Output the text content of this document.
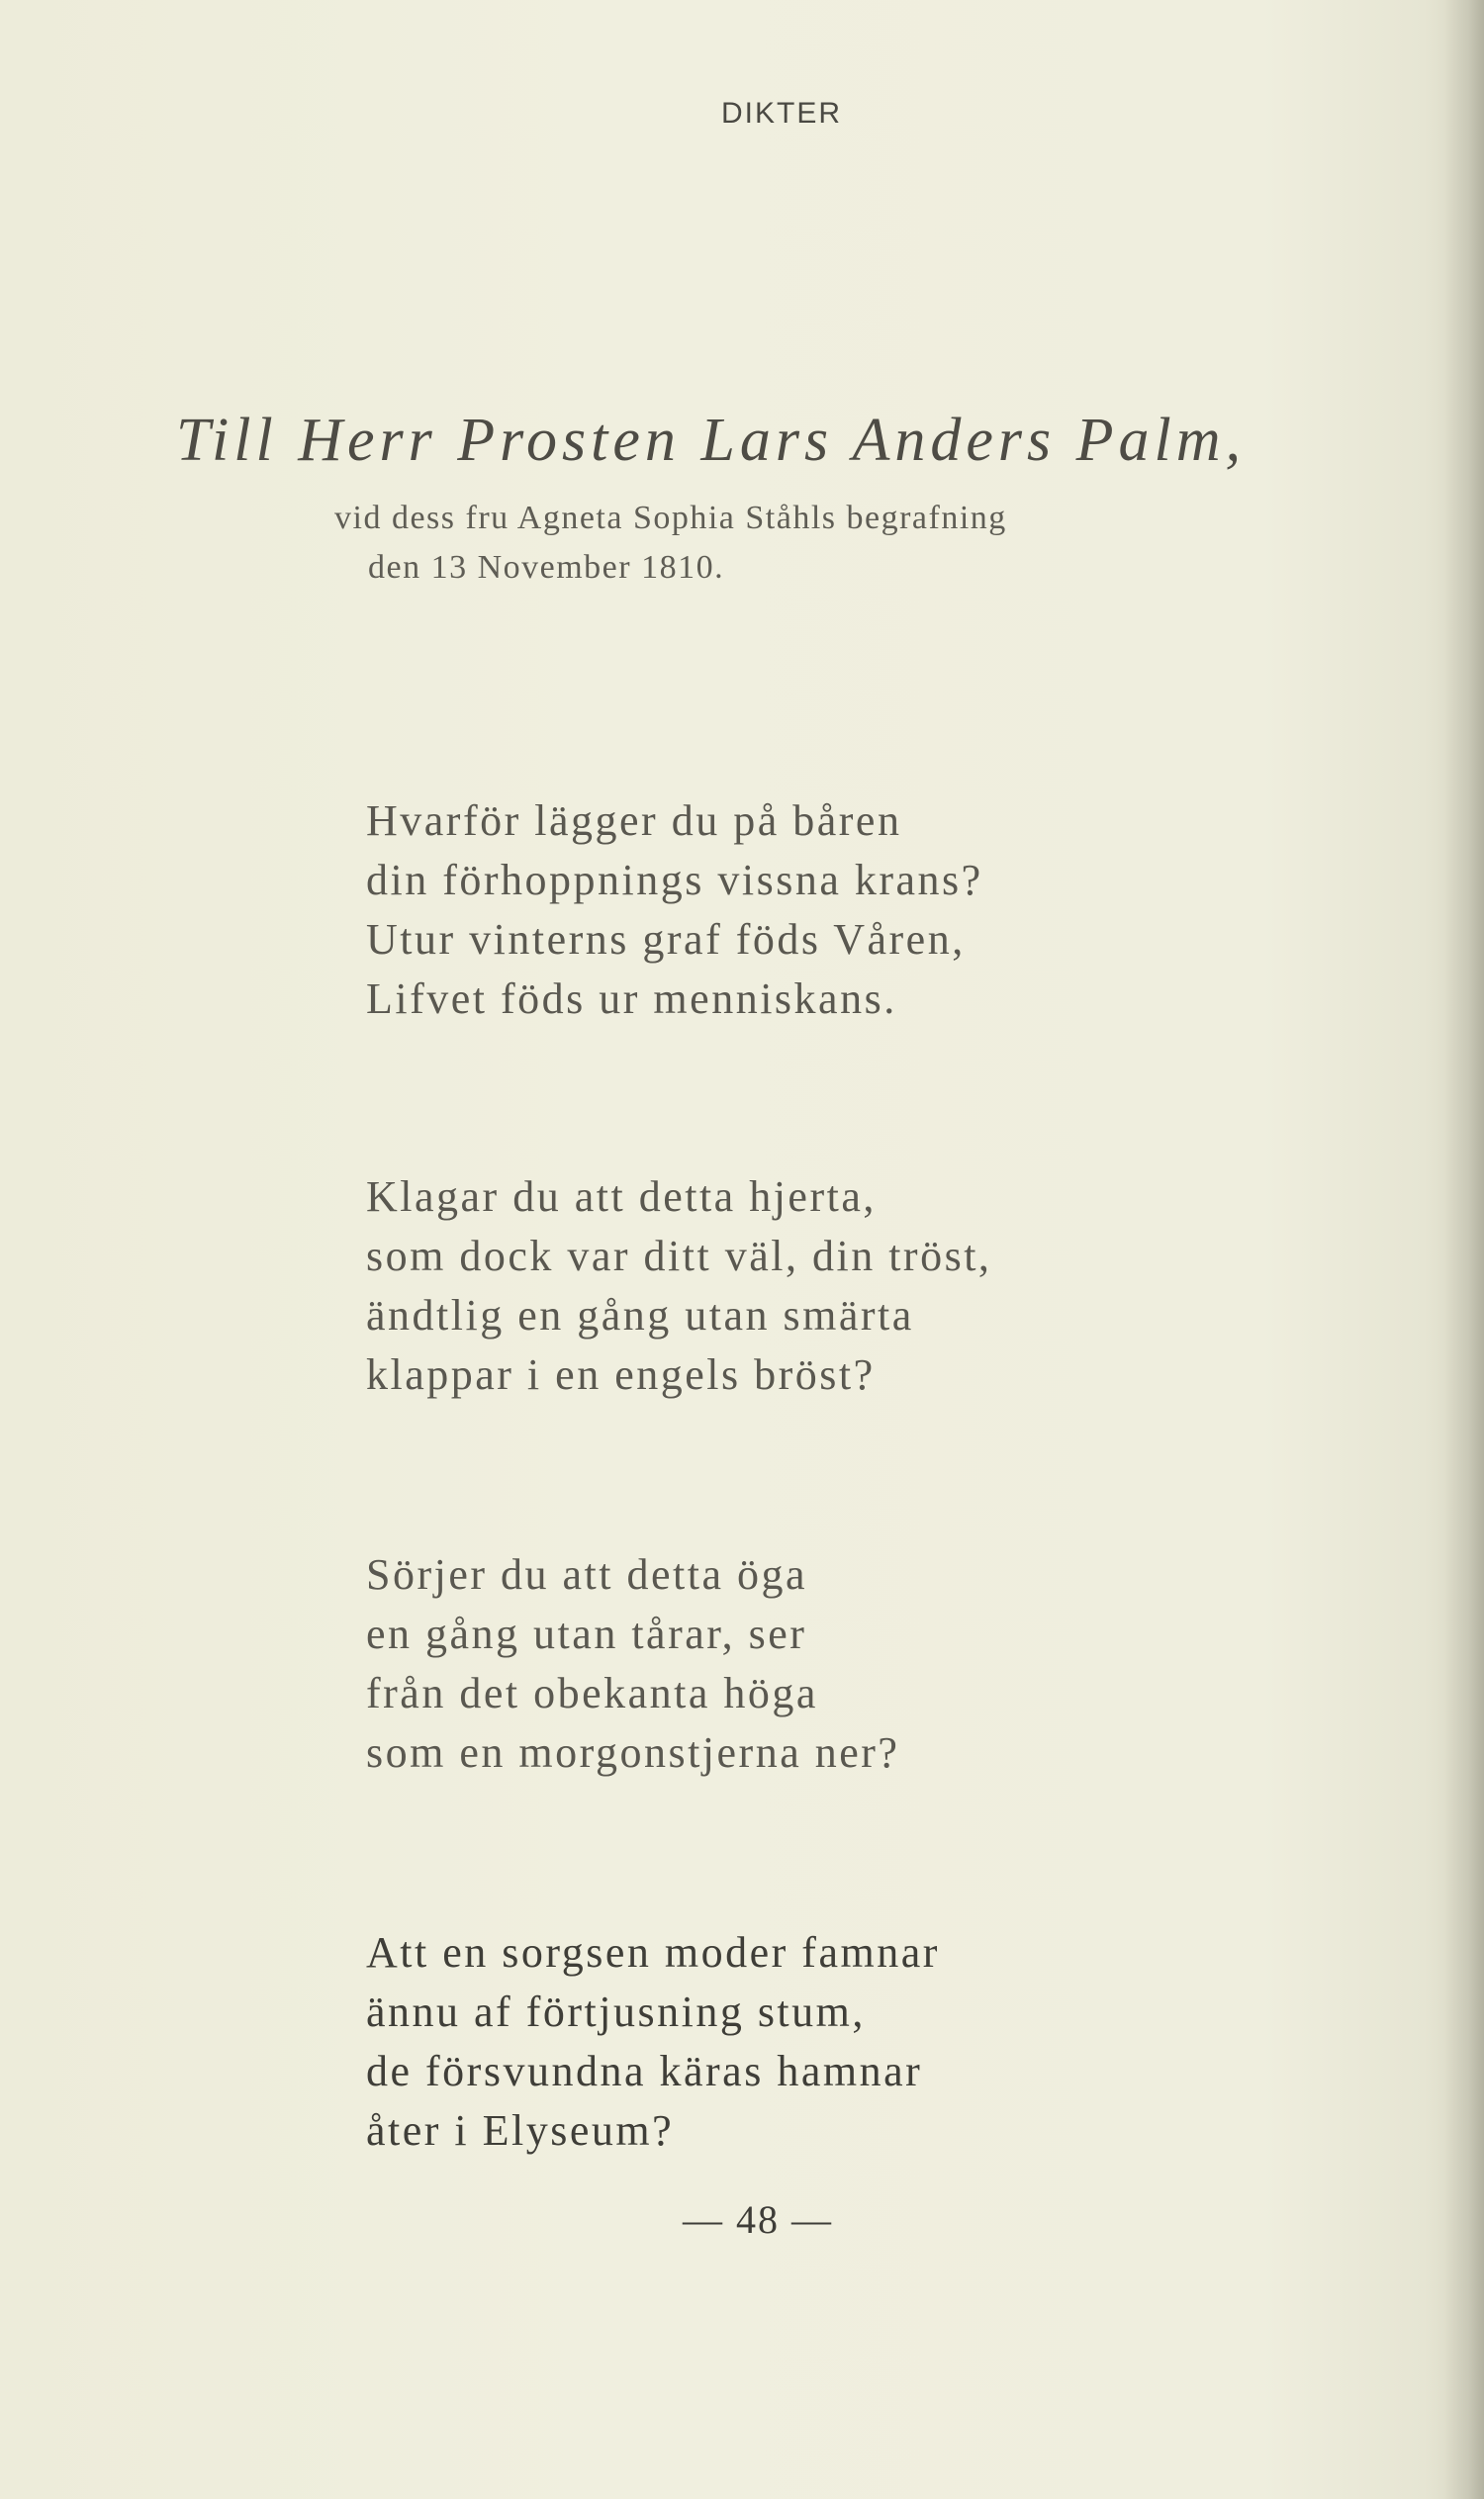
DIKTER
Till Herr Prosten Lars Anders Palm,
vid dess fru Agneta Sophia Ståhls begrafning
den 13 November 1810.
Hvarför lägger du på båren
din förhoppnings vissna krans?
Utur vinterns graf föds Våren,
Lifvet föds ur menniskans.
Klagar du att detta hjerta,
som dock var ditt väl, din tröst,
ändtlig en gång utan smärta
klappar i en engels bröst?
Sörjer du att detta öga
en gång utan tårar, ser
från det obekanta höga
som en morgonstjerna ner?
Att en sorgsen moder famnar
ännu af förtjusning stum,
de försvundna käras hamnar
åter i Elyseum?
— 48 —
